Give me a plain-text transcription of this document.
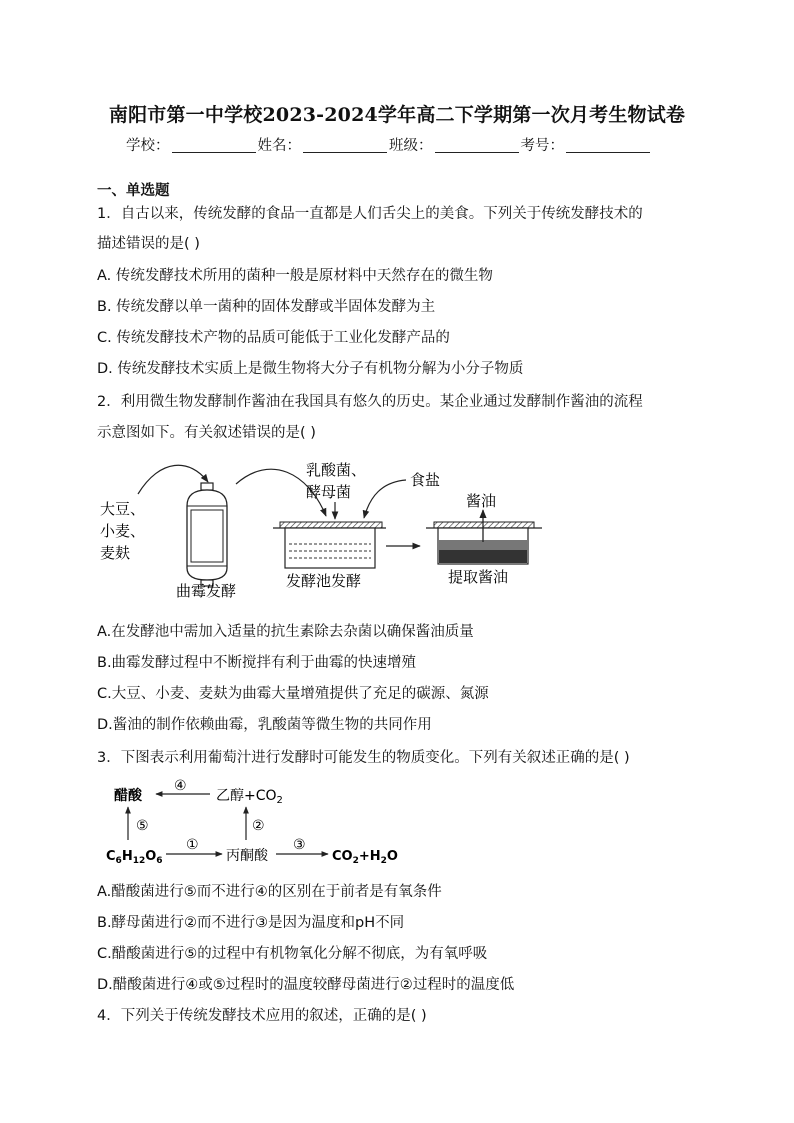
南阳市第一中学校2023-2024学年高二下学期第一次月考生物试卷
学校：	姓名：	班级：	考号：
一、单选题
1．自古以来，传统发酵的食品一直都是人们舌尖上的美食。下列关于传统发酵技术的
描述错误的是( )
A. 传统发酵技术所用的菌种一般是原材料中天然存在的微生物
B. 传统发酵以单一菌种的固体发酵或半固体发酵为主
C. 传统发酵技术产物的品质可能低于工业化发酵产品的
D. 传统发酵技术实质上是微生物将大分子有机物分解为小分子物质
2．利用微生物发酵制作酱油在我国具有悠久的历史。某企业通过发酵制作酱油的流程
示意图如下。有关叙述错误的是( )
大豆、
小麦、
麦麸
曲霉发酵
乳酸菌、
酵母菌
食盐
发酵池发酵
酱油
提取酱油
A.在发酵池中需加入适量的抗生素除去杂菌以确保酱油质量
B.曲霉发酵过程中不断搅拌有利于曲霉的快速增殖
C.大豆、小麦、麦麸为曲霉大量增殖提供了充足的碳源、氮源
D.酱油的制作依赖曲霉，乳酸菌等微生物的共同作用
3．下图表示利用葡萄汁进行发酵时可能发生的物质变化。下列有关叙述正确的是( )
醋酸
④
乙醇$+CO_2$
⑤	②
$C_6H_{12}O_6$
①
丙酮酸
③
$CO_2+H_2O$
A.醋酸菌进行⑤而不进行④的区别在于前者是有氧条件
B.酵母菌进行②而不进行③是因为温度和pH不同
C.醋酸菌进行⑤的过程中有机物氧化分解不彻底，为有氧呼吸
D.醋酸菌进行④或⑤过程时的温度较酵母菌进行②过程时的温度低
4．下列关于传统发酵技术应用的叙述，正确的是( )
